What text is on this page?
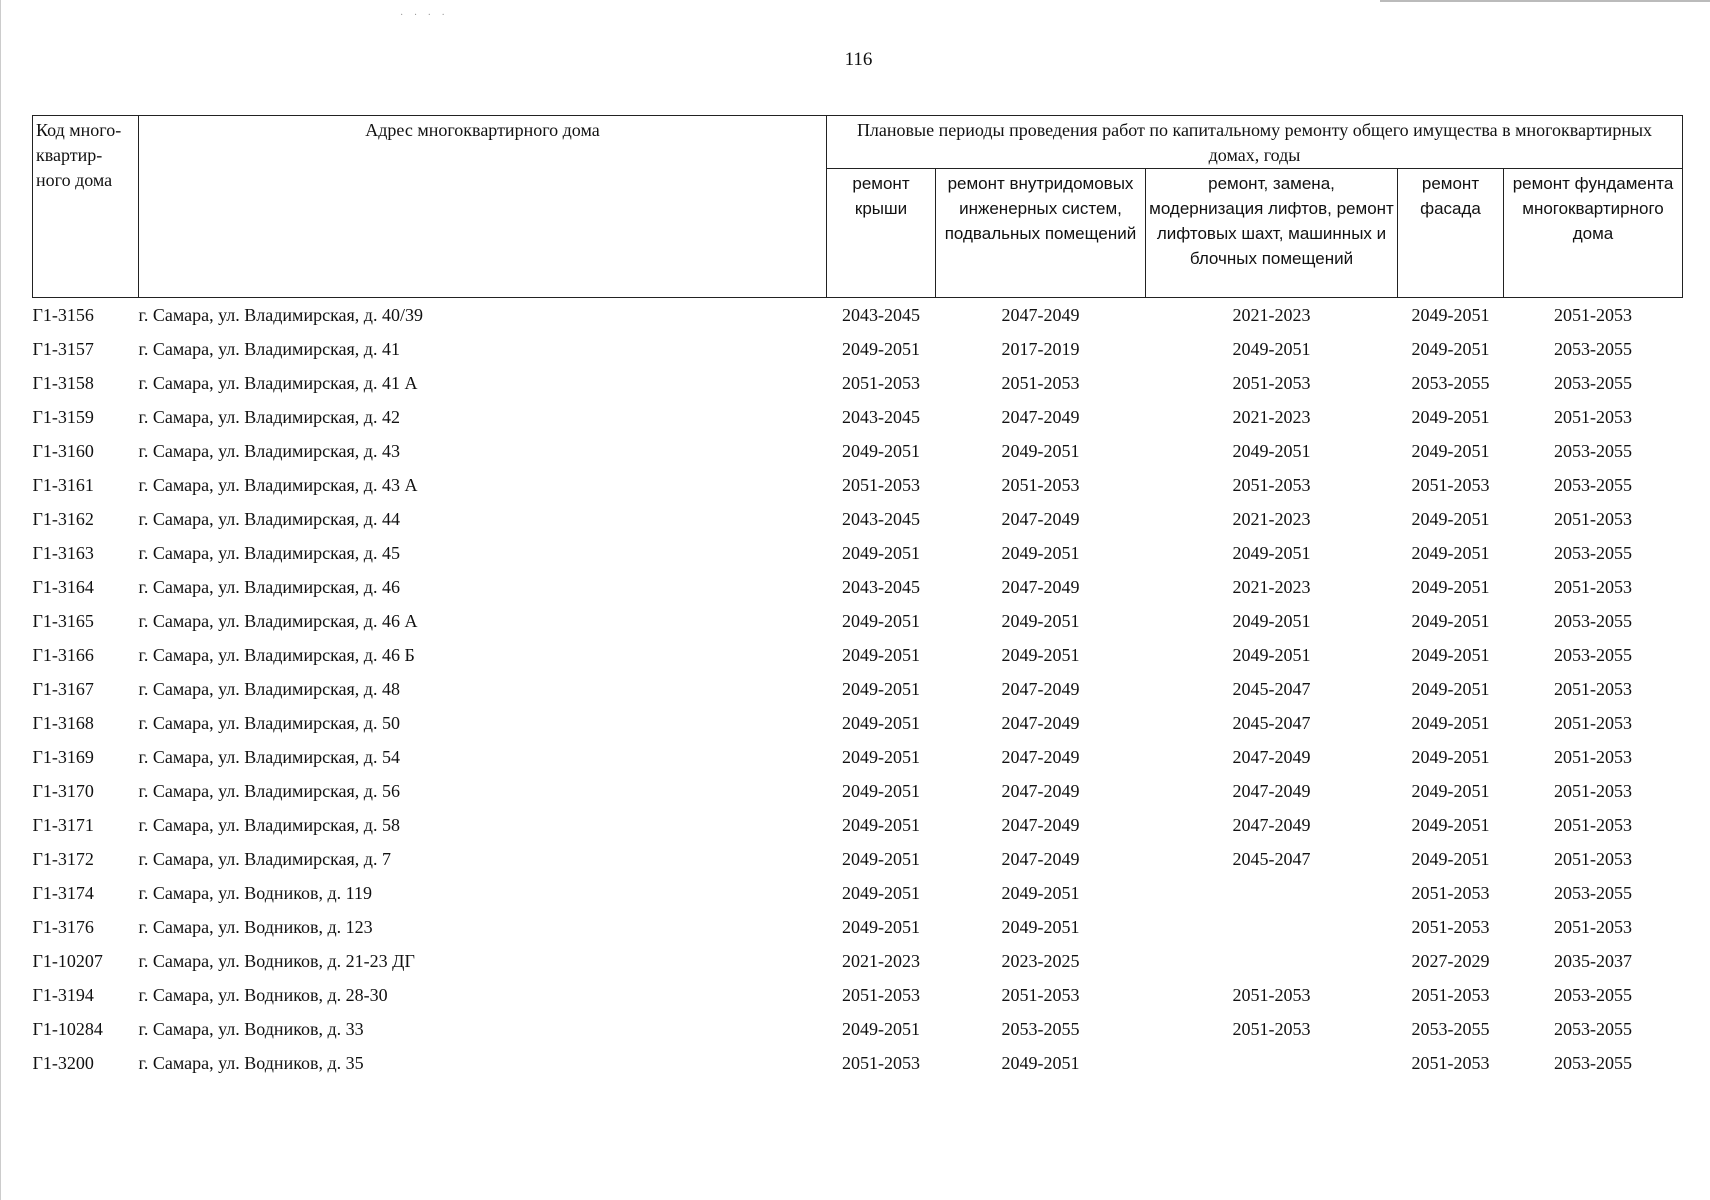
· · · ·
116
Код много-квартир-ного дома	Адрес многоквартирного дома	Плановые периоды проведения работ по капитальному ремонту общего имущества в многоквартирных домах, годы				
		ремонт крыши	ремонт внутридомовых инженерных систем, подвальных помещений	ремонт, замена, модернизация лифтов, ремонт лифтовых шахт, машинных и блочных помещений	ремонт фасада	ремонт фундамента многоквартирного дома
Г1-3156	г. Самара, ул. Владимирская, д. 40/39	2043-2045	2047-2049	2021-2023	2049-2051	2051-2053
Г1-3157	г. Самара, ул. Владимирская, д. 41	2049-2051	2017-2019	2049-2051	2049-2051	2053-2055
Г1-3158	г. Самара, ул. Владимирская, д. 41 А	2051-2053	2051-2053	2051-2053	2053-2055	2053-2055
Г1-3159	г. Самара, ул. Владимирская, д. 42	2043-2045	2047-2049	2021-2023	2049-2051	2051-2053
Г1-3160	г. Самара, ул. Владимирская, д. 43	2049-2051	2049-2051	2049-2051	2049-2051	2053-2055
Г1-3161	г. Самара, ул. Владимирская, д. 43 А	2051-2053	2051-2053	2051-2053	2051-2053	2053-2055
Г1-3162	г. Самара, ул. Владимирская, д. 44	2043-2045	2047-2049	2021-2023	2049-2051	2051-2053
Г1-3163	г. Самара, ул. Владимирская, д. 45	2049-2051	2049-2051	2049-2051	2049-2051	2053-2055
Г1-3164	г. Самара, ул. Владимирская, д. 46	2043-2045	2047-2049	2021-2023	2049-2051	2051-2053
Г1-3165	г. Самара, ул. Владимирская, д. 46 А	2049-2051	2049-2051	2049-2051	2049-2051	2053-2055
Г1-3166	г. Самара, ул. Владимирская, д. 46 Б	2049-2051	2049-2051	2049-2051	2049-2051	2053-2055
Г1-3167	г. Самара, ул. Владимирская, д. 48	2049-2051	2047-2049	2045-2047	2049-2051	2051-2053
Г1-3168	г. Самара, ул. Владимирская, д. 50	2049-2051	2047-2049	2045-2047	2049-2051	2051-2053
Г1-3169	г. Самара, ул. Владимирская, д. 54	2049-2051	2047-2049	2047-2049	2049-2051	2051-2053
Г1-3170	г. Самара, ул. Владимирская, д. 56	2049-2051	2047-2049	2047-2049	2049-2051	2051-2053
Г1-3171	г. Самара, ул. Владимирская, д. 58	2049-2051	2047-2049	2047-2049	2049-2051	2051-2053
Г1-3172	г. Самара, ул. Владимирская, д. 7	2049-2051	2047-2049	2045-2047	2049-2051	2051-2053
Г1-3174	г. Самара, ул. Водников, д. 119	2049-2051	2049-2051		2051-2053	2053-2055
Г1-3176	г. Самара, ул. Водников, д. 123	2049-2051	2049-2051		2051-2053	2051-2053
Г1-10207	г. Самара, ул. Водников, д. 21-23 ДГ	2021-2023	2023-2025		2027-2029	2035-2037
Г1-3194	г. Самара, ул. Водников, д. 28-30	2051-2053	2051-2053	2051-2053	2051-2053	2053-2055
Г1-10284	г. Самара, ул. Водников, д. 33	2049-2051	2053-2055	2051-2053	2053-2055	2053-2055
Г1-3200	г. Самара, ул. Водников, д. 35	2051-2053	2049-2051		2051-2053	2053-2055
